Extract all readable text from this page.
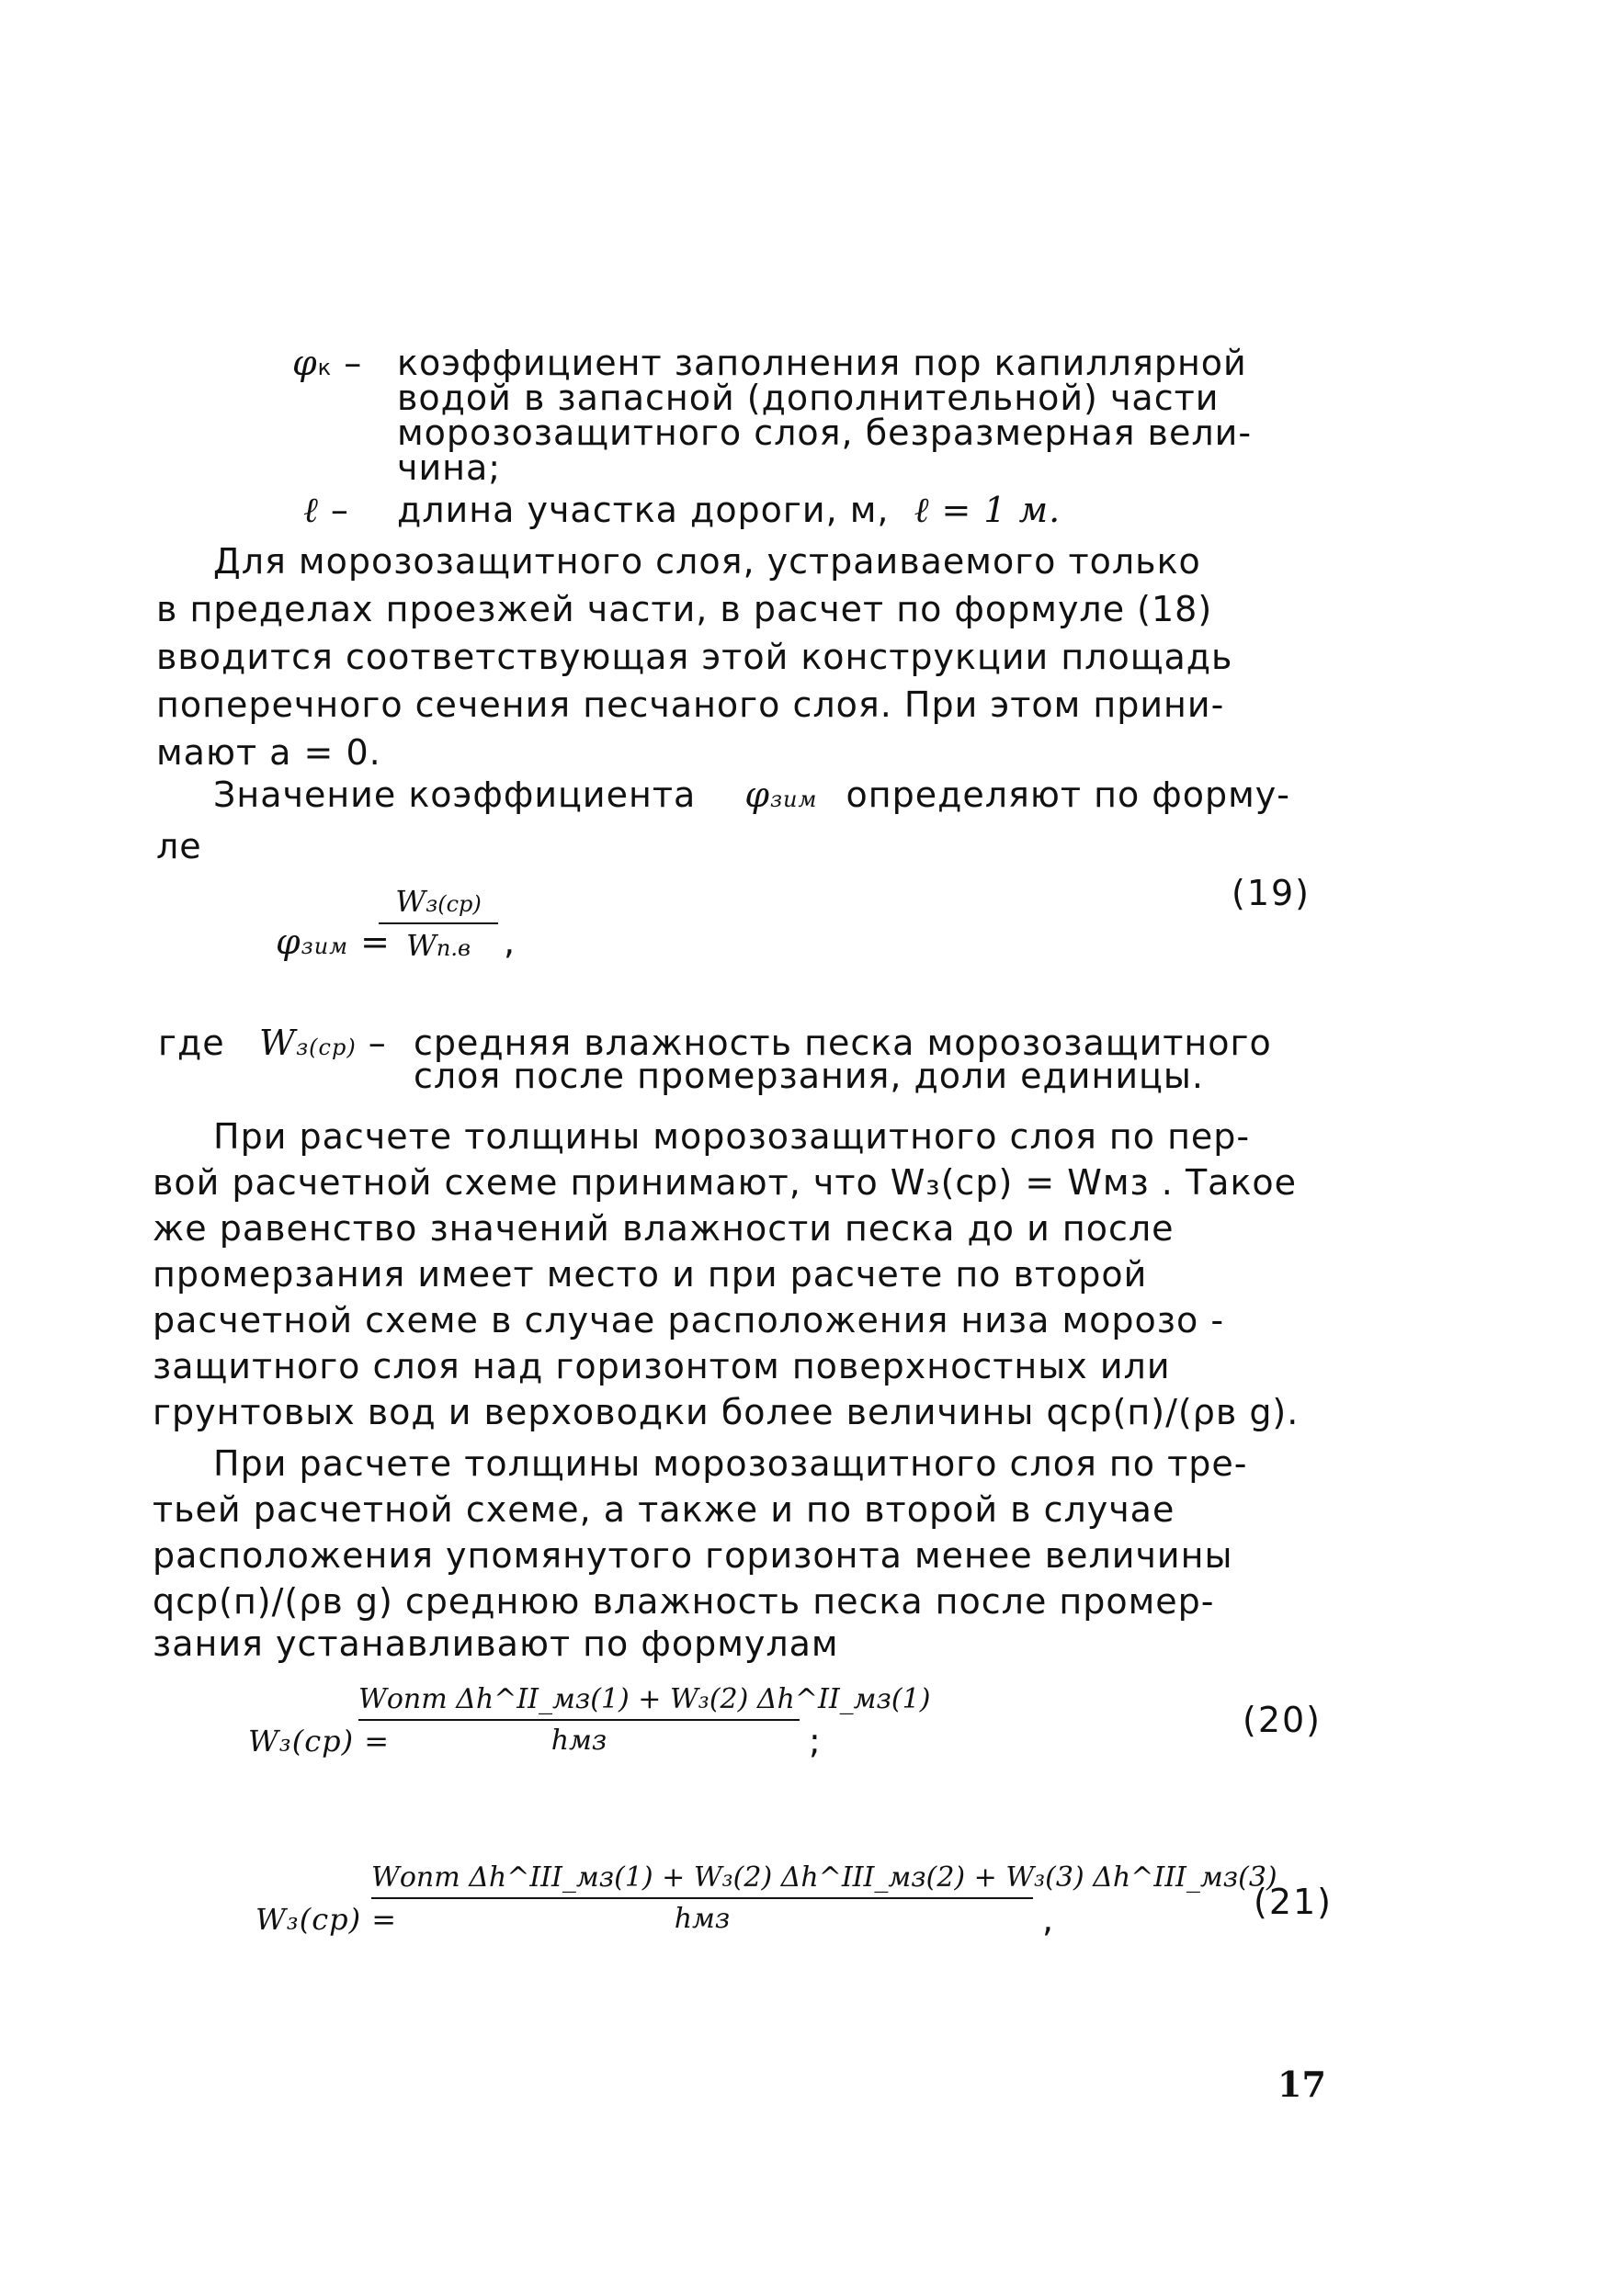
φк – коэффициент заполнения пор капиллярной
водой в запасной (дополнительной) части
морозозащитного слоя, безразмерная вели-
чина;
ℓ – длина участка дороги, м, ℓ = 1 м.
Для морозозащитного слоя, устраиваемого только
в пределах проезжей части, в расчет по формуле (18)
вводится соответствующая этой конструкции площадь
поперечного сечения песчаного слоя. При этом прини-
мают a = 0.
Значение коэффициента φзим определяют по форму-
ле
φзим =
Wз(ср)
Wп.в ,
(19)
где Wз(ср) – средняя влажность песка морозозащитного
слоя после промерзания, доли единицы.
При расчете толщины морозозащитного слоя по пер-
вой расчетной схеме принимают, что W₃(ср) = Wмз . Такое
же равенство значений влажности песка до и после
промерзания имеет место и при расчете по второй
расчетной схеме в случае расположения низа морозо -
защитного слоя над горизонтом поверхностных или
грунтовых вод и верховодки более величины qср(п)/(ρв g).
При расчете толщины морозозащитного слоя по тре-
тьей расчетной схеме, а также и по второй в случае
расположения упомянутого горизонта менее величины
qср(п)/(ρв g) среднюю влажность песка после промер-
зания устанавливают по формулам
W₃(ср) =
Wопт Δh^II_мз(1) + W₃(2) Δh^II_мз(1)
hмз	;
(20)
W₃(ср) =
Wопт Δh^III_мз(1) + W₃(2) Δh^III_мз(2) + W₃(3) Δh^III_мз(3)
hмз	,	(21)
17
